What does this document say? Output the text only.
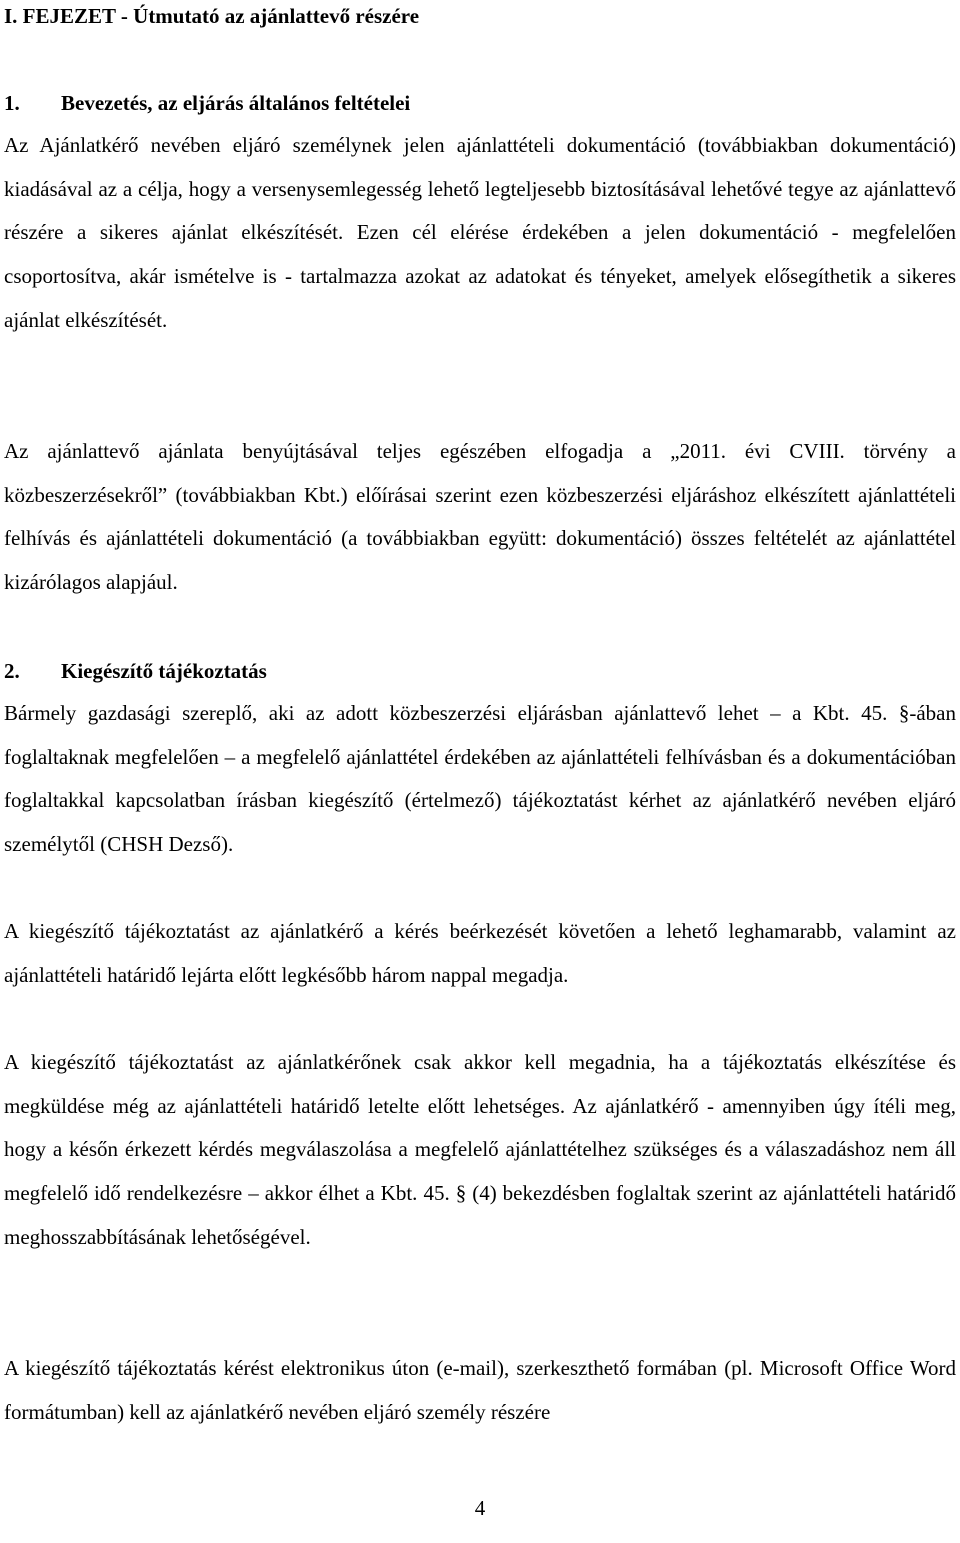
I. FEJEZET - Útmutató az ajánlattevő részére
1. Bevezetés, az eljárás általános feltételei

Az Ajánlatkérő nevében eljáró személynek jelen ajánlattételi dokumentáció (továbbiakban dokumentáció) kiadásával az a célja, hogy a versenysemlegesség lehető legteljesebb biztosításával lehetővé tegye az ajánlattevő részére a sikeres ajánlat elkészítését. Ezen cél elérése érdekében a jelen dokumentáció - megfelelően csoportosítva, akár ismételve is - tartalmazza azokat az adatokat és tényeket, amelyek elősegíthetik a sikeres ajánlat elkészítését.

Az ajánlattevő ajánlata benyújtásával teljes egészében elfogadja a „2011. évi CVIII. törvény a közbeszerzésekről” (továbbiakban Kbt.) előírásai szerint ezen közbeszerzési eljáráshoz elkészített ajánlattételi felhívás és ajánlattételi dokumentáció (a továbbiakban együtt: dokumentáció) összes feltételét az ajánlattétel kizárólagos alapjául.

2. Kiegészítő tájékoztatás

Bármely gazdasági szereplő, aki az adott közbeszerzési eljárásban ajánlattevő lehet – a Kbt. 45. §-ában foglaltaknak megfelelően – a megfelelő ajánlattétel érdekében az ajánlattételi felhívásban és a dokumentációban foglaltakkal kapcsolatban írásban kiegészítő (értelmező) tájékoztatást kérhet az ajánlatkérő nevében eljáró személytől (CHSH Dezső).

A kiegészítő tájékoztatást az ajánlatkérő a kérés beérkezését követően a lehető leghamarabb, valamint az ajánlattételi határidő lejárta előtt legkésőbb három nappal megadja.

A kiegészítő tájékoztatást az ajánlatkérőnek csak akkor kell megadnia, ha a tájékoztatás elkészítése és megküldése még az ajánlattételi határidő letelte előtt lehetséges. Az ajánlatkérő - amennyiben úgy ítéli meg, hogy a későn érkezett kérdés megválaszolása a megfelelő ajánlattételhez szükséges és a válaszadáshoz nem áll megfelelő idő rendelkezésre – akkor élhet a Kbt. 45. § (4) bekezdésben foglaltak szerint az ajánlattételi határidő meghosszabbításának lehetőségével.

A kiegészítő tájékoztatás kérést elektronikus úton (e-mail), szerkeszthető formában (pl. Microsoft Office Word formátumban) kell az ajánlatkérő nevében eljáró személy részére

4
